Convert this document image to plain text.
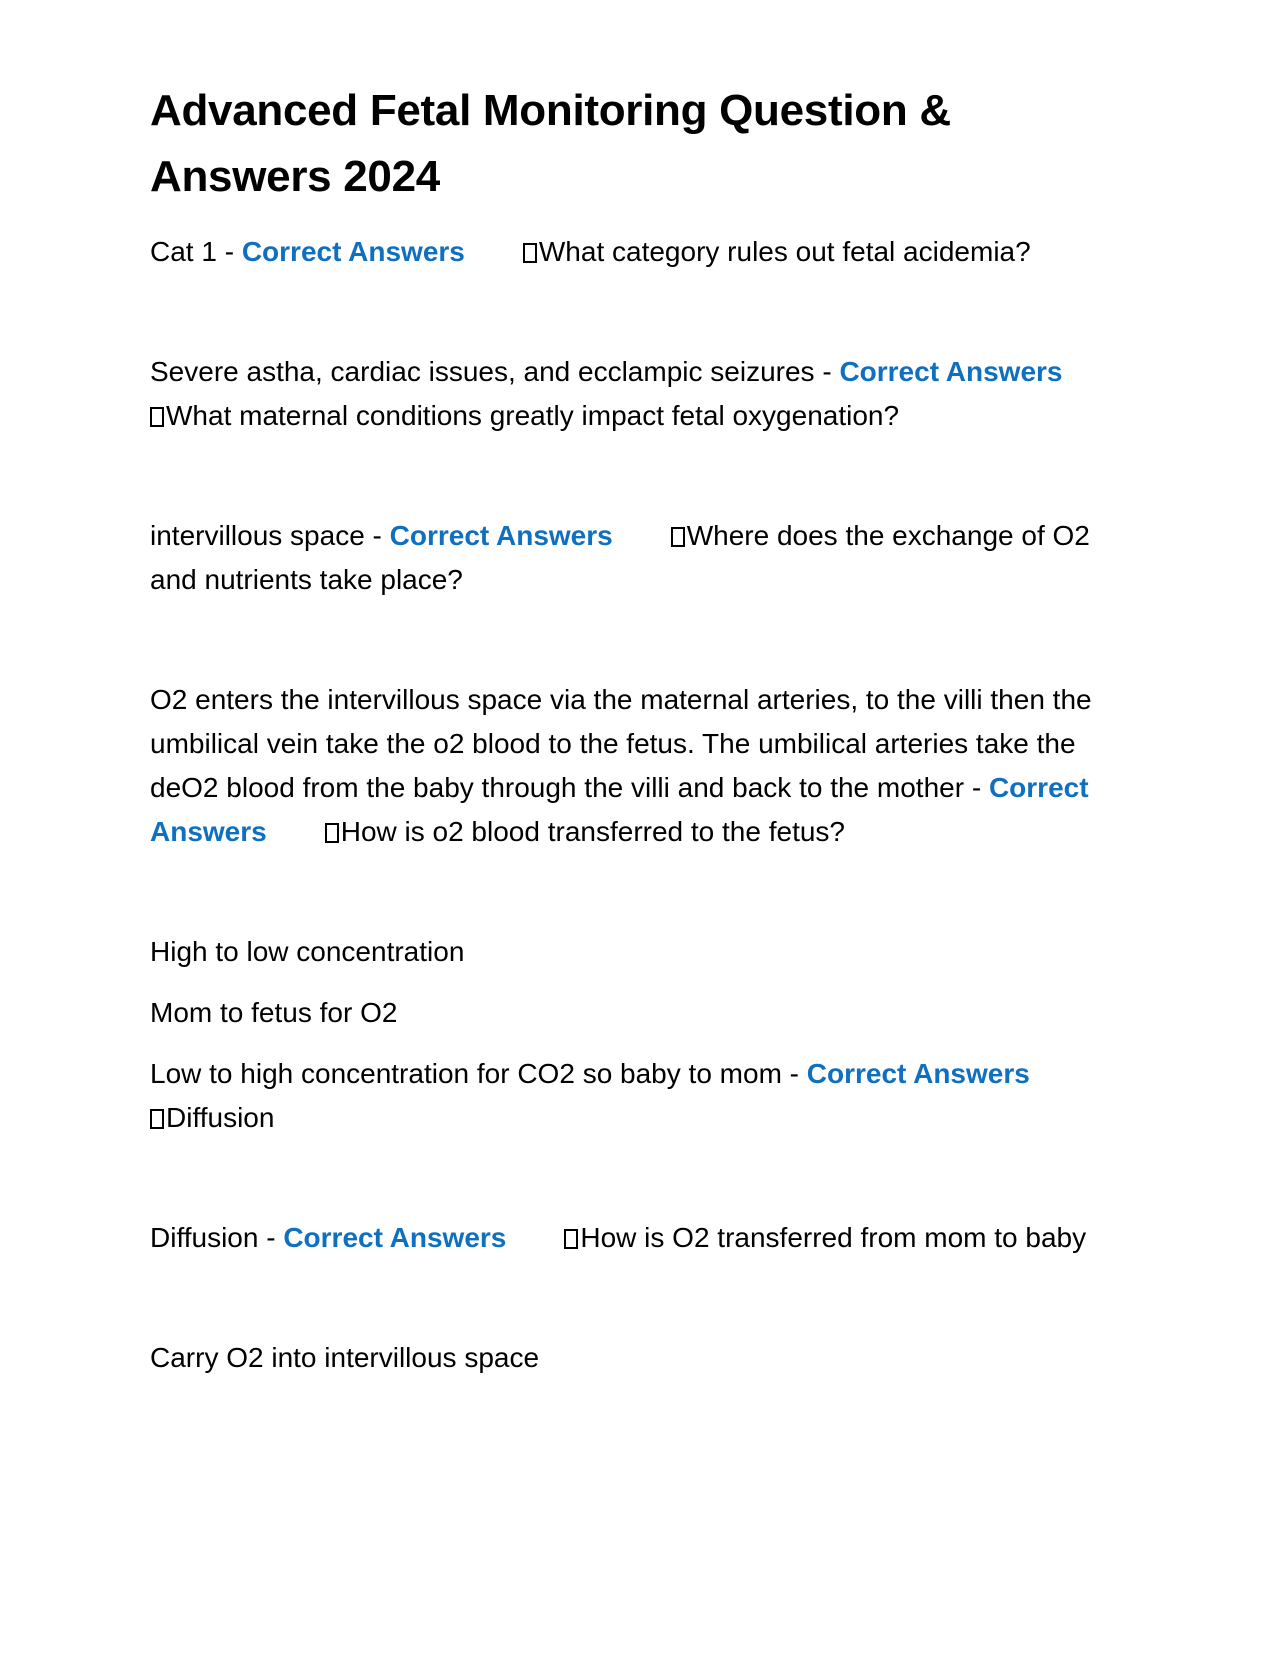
Advanced Fetal Monitoring Question & Answers 2024

Cat 1 - Correct Answers	What category rules out fetal acidemia?

Severe astha, cardiac issues, and ecclampic seizures - Correct Answers
What maternal conditions greatly impact fetal oxygenation?

intervillous space - Correct Answers	Where does the exchange of O2 and nutrients take place?

O2 enters the intervillous space via the maternal arteries, to the villi then the umbilical vein take the o2 blood to the fetus. The umbilical arteries take the deO2 blood from the baby through the villi and back to the mother - Correct Answers	How is o2 blood transferred to the fetus?

High to low concentration

Mom to fetus for O2

Low to high concentration for CO2 so baby to mom - Correct Answers
Diffusion

Diffusion - Correct Answers	How is O2 transferred from mom to baby

Carry O2 into intervillous space
